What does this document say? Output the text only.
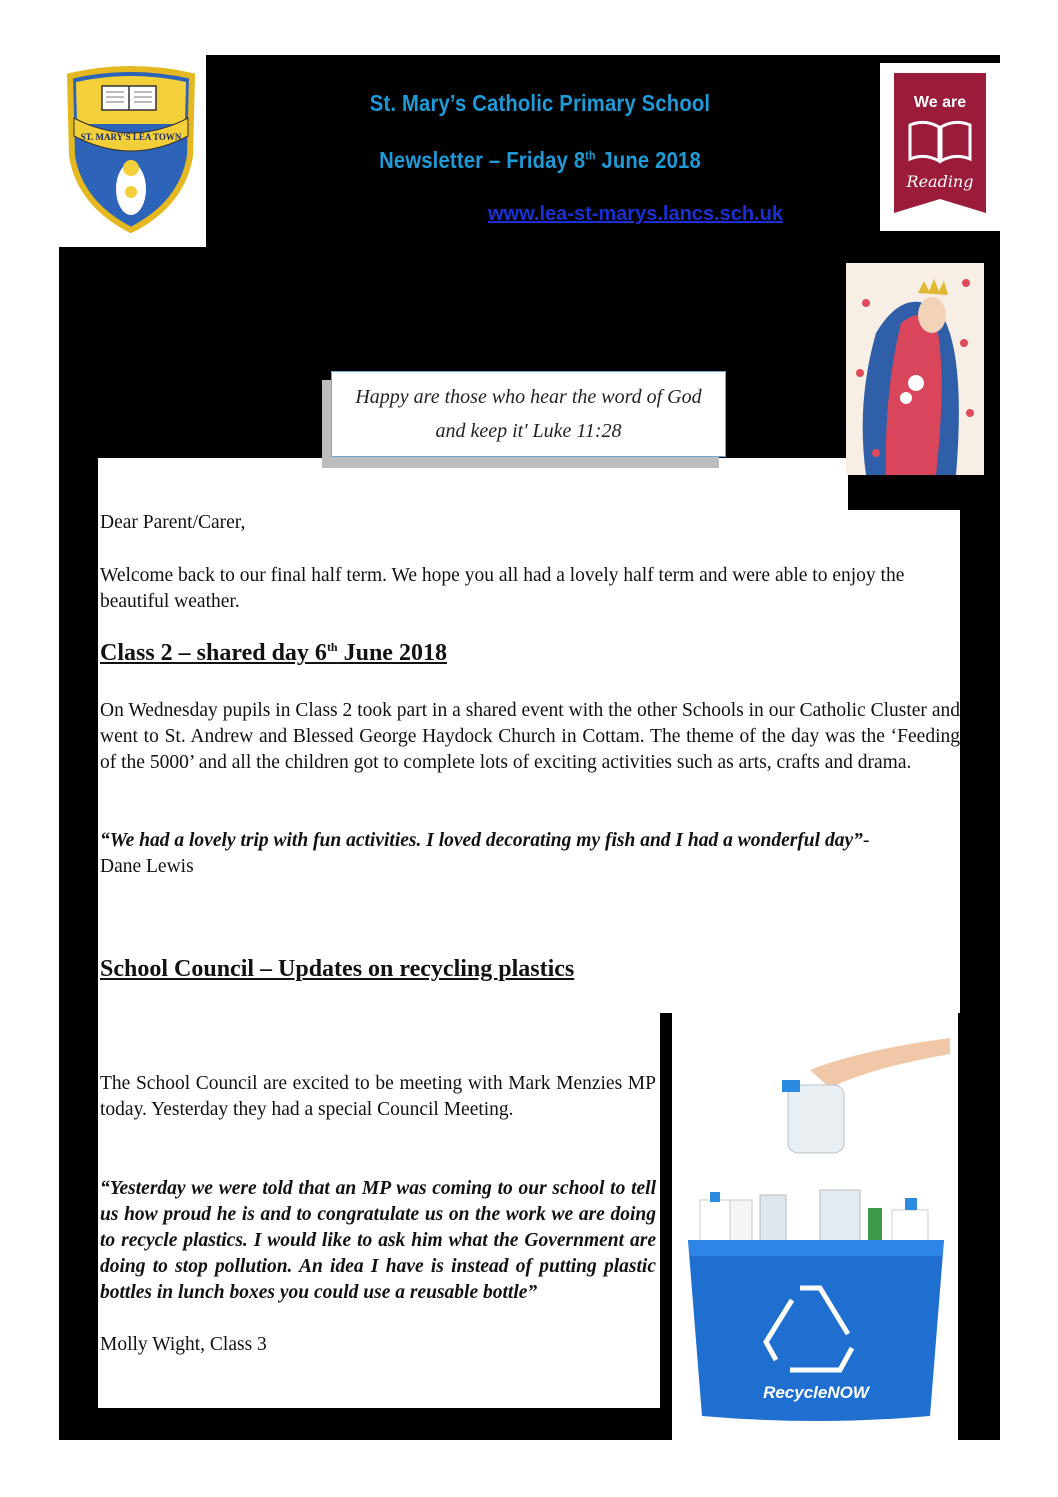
ST. MARY'S LEA TOWN
St. Mary’s Catholic Primary School
Newsletter – Friday 8th June 2018
www.lea-st-marys.lancs.sch.uk
We are
Reading
Happy are those who hear the word of God
and keep it' Luke 11:28
Dear Parent/Carer,
Welcome back to our final half term. We hope you all had a lovely half term and were able to enjoy the beautiful weather.
Class 2 – shared day 6th June 2018
On Wednesday pupils in Class 2 took part in a shared event with the other Schools in our Catholic Cluster and went to St. Andrew and Blessed George Haydock Church in Cottam. The theme of the day was the ‘Feeding of the 5000’ and all the children got to complete lots of exciting activities such as arts, crafts and drama.
“We had a lovely trip with fun activities. I loved decorating my fish and I had a wonderful day”- Dane Lewis
School Council – Updates on recycling plastics
The School Council are excited to be meeting with Mark Menzies MP today. Yesterday they had a special Council Meeting.
“Yesterday we were told that an MP was coming to our school to tell us how proud he is and to congratulate us on the work we are doing to recycle plastics. I would like to ask him what the Government are doing to stop pollution. An idea I have is instead of putting plastic bottles in lunch boxes you could use a reusable bottle”
Molly Wight, Class 3
RecycleNOW
